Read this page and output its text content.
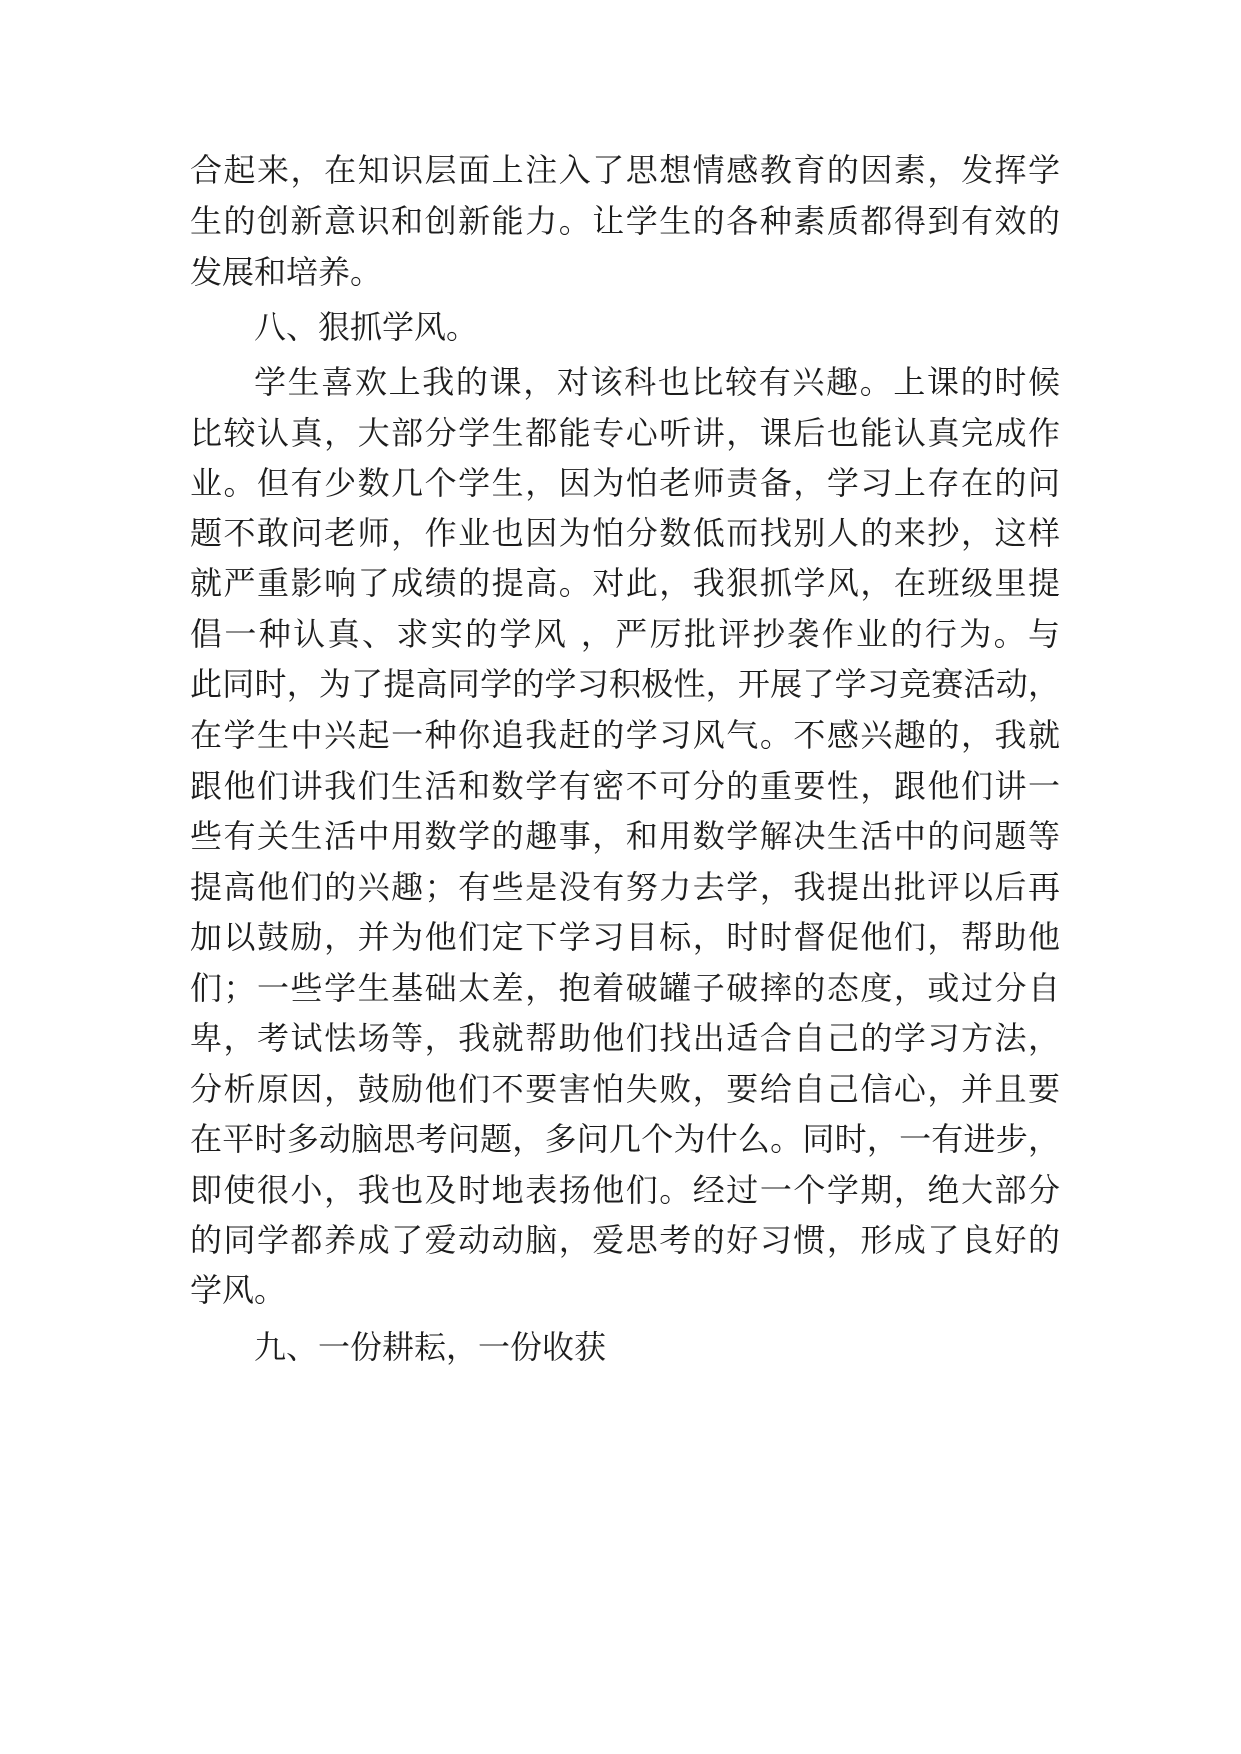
合起来，在知识层面上注入了思想情感教育的因素，发挥学
生的创新意识和创新能力。让学生的各种素质都得到有效的
发展和培养。
八、狠抓学风。
学生喜欢上我的课，对该科也比较有兴趣。上课的时候
比较认真，大部分学生都能专心听讲，课后也能认真完成作
业。但有少数几个学生，因为怕老师责备，学习上存在的问
题不敢问老师，作业也因为怕分数低而找别人的来抄，这样
就严重影响了成绩的提高。对此，我狠抓学风，在班级里提
倡一种认真、求实的学风 ，严厉批评抄袭作业的行为。与
此同时，为了提高同学的学习积极性，开展了学习竞赛活动，
在学生中兴起一种你追我赶的学习风气。不感兴趣的，我就
跟他们讲我们生活和数学有密不可分的重要性，跟他们讲一
些有关生活中用数学的趣事，和用数学解决生活中的问题等
提高他们的兴趣；有些是没有努力去学，我提出批评以后再
加以鼓励，并为他们定下学习目标，时时督促他们，帮助他
们；一些学生基础太差，抱着破罐子破摔的态度，或过分自
卑，考试怯场等，我就帮助他们找出适合自己的学习方法，
分析原因，鼓励他们不要害怕失败，要给自己信心，并且要
在平时多动脑思考问题，多问几个为什么。同时，一有进步，
即使很小，我也及时地表扬他们。经过一个学期，绝大部分
的同学都养成了爱动动脑，爱思考的好习惯，形成了良好的
学风。
九、一份耕耘，一份收获
